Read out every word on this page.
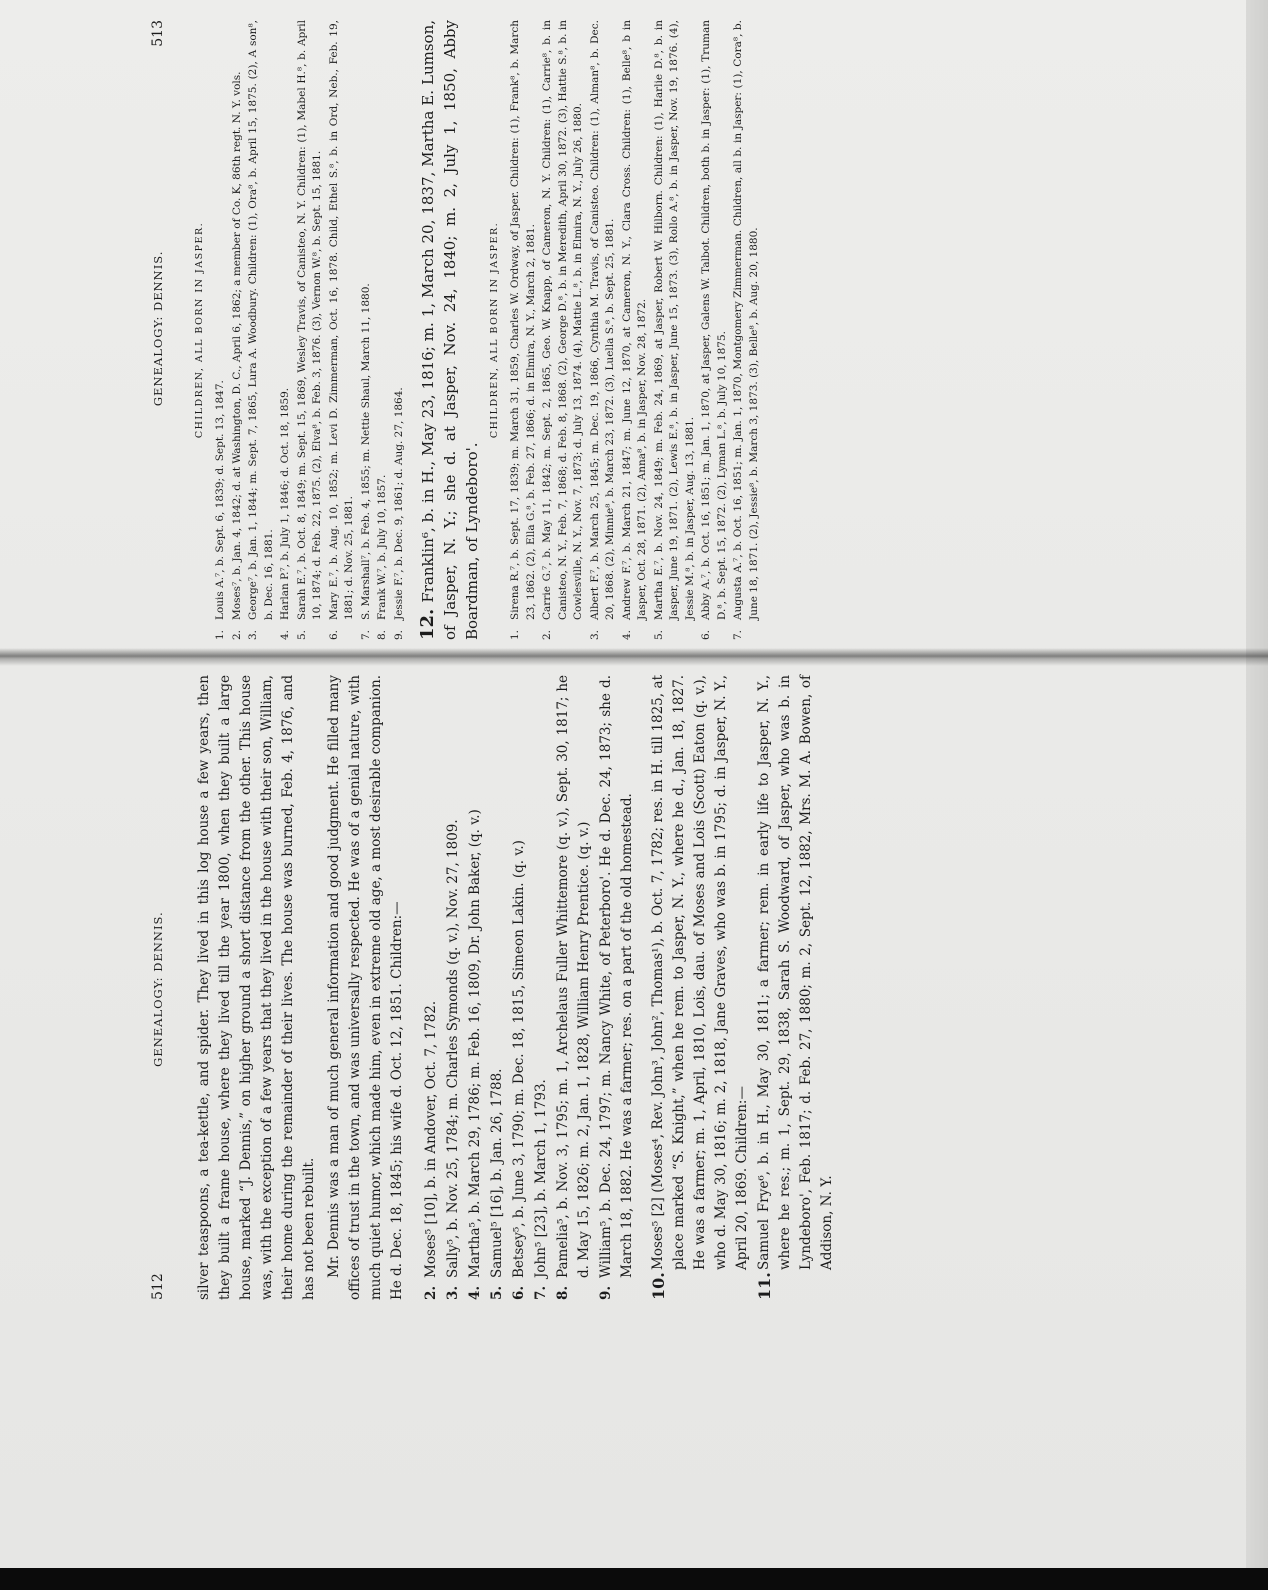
GENEALOGY: DENNIS.
513
CHILDREN, ALL BORN IN JASPER.
1.
Louis A.⁷, b. Sept. 6, 1839; d. Sept. 13, 1847.
2.
Moses⁷, b. Jan. 4, 1842; d. at Washington, D. C., April 6, 1862; a member of Co. K, 86th regt. N. Y. vols.
3.
George⁷, b. Jan. 1, 1844; m. Sept. 7, 1865, Lura A. Woodbury. Children: (1), Ora⁸, b. April 15, 1875. (2), A son⁸, b. Dec. 16, 1881.
4.
Harlan P.⁷, b. July 1, 1846; d. Oct. 18, 1859.
5.
Sarah E.⁷, b. Oct. 8, 1849; m. Sept. 15, 1869, Wesley Travis, of Canisteo, N. Y. Children: (1), Mabel H.⁸, b. April 10, 1874; d. Feb. 22, 1875. (2), Elva⁸, b. Feb. 3, 1876. (3), Vernon W.⁸, b. Sept. 15, 1881.
6.
Mary E.⁷, b. Aug. 10, 1852; m. Levi D. Zimmerman, Oct. 16, 1878. Child, Ethel S.⁸, b. in Ord, Neb., Feb. 19, 1881; d. Nov. 25, 1881.
7.
S. Marshall⁷, b. Feb. 4, 1855; m. Nettie Shaul, March 11, 1880.
8.
Frank W.⁷, b. July 10, 1857.
9.
Jessie F.⁷, b. Dec. 9, 1861; d. Aug. 27, 1864.
12.Franklin⁶, b. in H., May 23, 1816; m. 1, March 20, 1837, Martha E. Lumson, of Jasper, N. Y.; she d. at Jasper, Nov. 24, 1840; m. 2, July 1, 1850, Abby Boardman, of Lyndeboro'.
CHILDREN, ALL BORN IN JASPER.
1.
Sirena R.⁷, b. Sept. 17, 1839; m. March 31, 1859, Charles W. Ordway, of Jasper. Children: (1), Frank⁸, b. March 23, 1862. (2), Ella G.⁸, b. Feb. 27, 1866; d. in Elmira, N. Y., March 2, 1881.
2.
Carrie G.⁷, b. May 11, 1842; m. Sept. 2, 1865, Geo. W. Knapp, of Cameron, N. Y. Children: (1), Carrie⁸, b. in Canisteo, N. Y., Feb. 7, 1868; d. Feb. 8, 1868. (2), George D.⁸, b. in Meredith, April 30, 1872. (3), Hattie S.⁸, b. in Cowlesville, N. Y., Nov. 7, 1873; d. July 13, 1874. (4), Mattie L.⁸, b. in Elmira, N. Y., July 26, 1880.
3.
Albert F.⁷, b. March 25, 1845; m. Dec. 19, 1866, Cynthia M. Travis, of Canisteo. Children: (1), Alman⁸, b. Dec. 20, 1868. (2), Minnie⁸, b. March 23, 1872. (3), Luella S.⁸, b. Sept. 25, 1881.
4.
Andrew F.⁷, b. March 21, 1847; m. June 12, 1870, at Cameron, N. Y., Clara Cross. Children: (1), Belle⁸, b in Jasper, Oct. 28, 1871. (2), Anna⁸, b. in Jasper, Nov. 28, 1872.
5.
Martha E.⁷, b. Nov. 24, 1849; m. Feb. 24, 1869, at Jasper, Robert W. Hilborn. Children: (1), Harlie D.⁸, b. in Jasper, June 19, 1871. (2), Lewis E.⁸, b. in Jasper, June 15, 1873. (3), Rollo A.⁸, b. in Jasper, Nov. 19, 1876. (4), Jessie M.⁸, b. in Jasper, Aug. 13, 1881.
6.
Abby A.⁷, b. Oct. 16, 1851; m. Jan. 1, 1870, at Jasper, Galens W. Talbot. Children, both b. in Jasper: (1), Truman D.⁸, b. Sept. 15, 1872. (2), Lyman L.⁸, b. July 10, 1875.
7.
Augusta A.⁷, b. Oct. 16, 1851; m. Jan. 1, 1870, Montgomery Zimmerman. Children, all b. in Jasper: (1), Cora⁸, b. June 18, 1871. (2), Jessie⁸, b. March 3, 1873. (3), Belle⁸, b. Aug. 20, 1880.
512
GENEALOGY: DENNIS. silver teaspoons, a tea-kettle, and spider. They lived in this log house a few years, then they built a frame house, where they lived till the year 1800, when they built a large house, marked “J. Dennis,” on higher ground a short distance from the other. This house was, with the exception of a few years that they lived in the house with their son, William, their home during the remainder of their lives. The house was burned, Feb. 4, 1876, and has not been rebuilt. Mr. Dennis was a man of much general information and good judgment. He filled many offices of trust in the town, and was universally respected. He was of a genial nature, with much quiet humor, which made him, even in extreme old age, a most desirable companion. He d. Dec. 18, 1845; his wife d. Oct. 12, 1851. Children:— 2.
Moses⁵ [10], b. in Andover, Oct. 7, 1782.
3.
Sally⁵, b. Nov. 25, 1784; m. Charles Symonds (q. v.), Nov. 27, 1809.
4.
Martha⁵, b. March 29, 1786; m. Feb. 16, 1809, Dr. John Baker, (q. v.)
5.
Samuel⁵ [16], b. Jan. 26, 1788.
6.
Betsey⁵, b. June 3, 1790; m. Dec. 18, 1815, Simeon Lakin. (q. v.)
7.
John⁵ [23], b. March 1, 1793.
8.
Pamelia⁵, b. Nov. 3, 1795; m. 1, Archelaus Fuller Whittemore (q. v.), Sept. 30, 1817; he d. May 15, 1826; m. 2, Jan. 1, 1828, William Henry Prentice. (q. v.)
9.
William⁵, b. Dec. 24, 1797; m. Nancy White, of Peterboro'. He d. Dec. 24, 1873; she d. March 18, 1882. He was a farmer; res. on a part of the old homestead.
10.
Moses⁵ [2] (Moses⁴, Rev. John³, John², Thomas¹), b. Oct. 7, 1782; res. in H. till 1825, at place marked “S. Knight,” when he rem. to Jasper, N. Y., where he d., Jan. 18, 1827. He was a farmer; m. 1, April, 1810, Lois, dau. of Moses and Lois (Scott) Eaton (q. v.), who d. May 30, 1816; m. 2, 1818, Jane Graves, who was b. in 1795; d. in Jasper, N. Y., April 20, 1869. Children:—
11.
Samuel Frye⁶, b. in H., May 30, 1811; a farmer; rem. in early life to Jasper, N. Y., where he res.; m. 1, Sept. 29, 1838, Sarah S. Woodward, of Jasper, who was b. in Lyndeboro', Feb. 1817; d. Feb. 27, 1880; m. 2, Sept. 12, 1882, Mrs. M. A. Bowen, of Addison, N. Y.
